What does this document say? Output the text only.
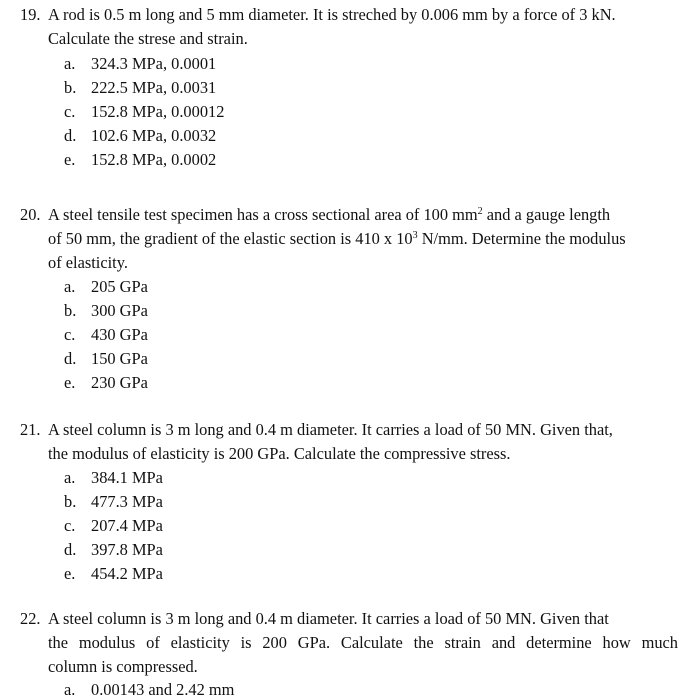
19. A rod is 0.5 m long and 5 mm diameter. It is streched by 0.006 mm by a force of 3 kN.
Calculate the strese and strain.
a. 324.3 MPa, 0.0001
b. 222.5 MPa, 0.0031
c. 152.8 MPa, 0.00012
d. 102.6 MPa, 0.0032
e. 152.8 MPa, 0.0002
20. A steel tensile test specimen has a cross sectional area of 100 $mm^2$ and a gauge length
of 50 mm, the gradient of the elastic section is 410 x $10^3$ N/mm. Determine the modulus
of elasticity.
a. 205 GPa
b. 300 GPa
c. 430 GPa
d. 150 GPa
e. 230 GPa
21. A steel column is 3 m long and 0.4 m diameter. It carries a load of 50 MN. Given that,
the modulus of elasticity is 200 GPa. Calculate the compressive stress.
a. 384.1 MPa
b. 477.3 MPa
c. 207.4 MPa
d. 397.8 MPa
e. 454.2 MPa
22. A steel column is 3 m long and 0.4 m diameter. It carries a load of 50 MN. Given that
the modulus of elasticity is 200 GPa. Calculate the strain and determine how much
column is compressed.
a. 0.00143 and 2.42 mm
